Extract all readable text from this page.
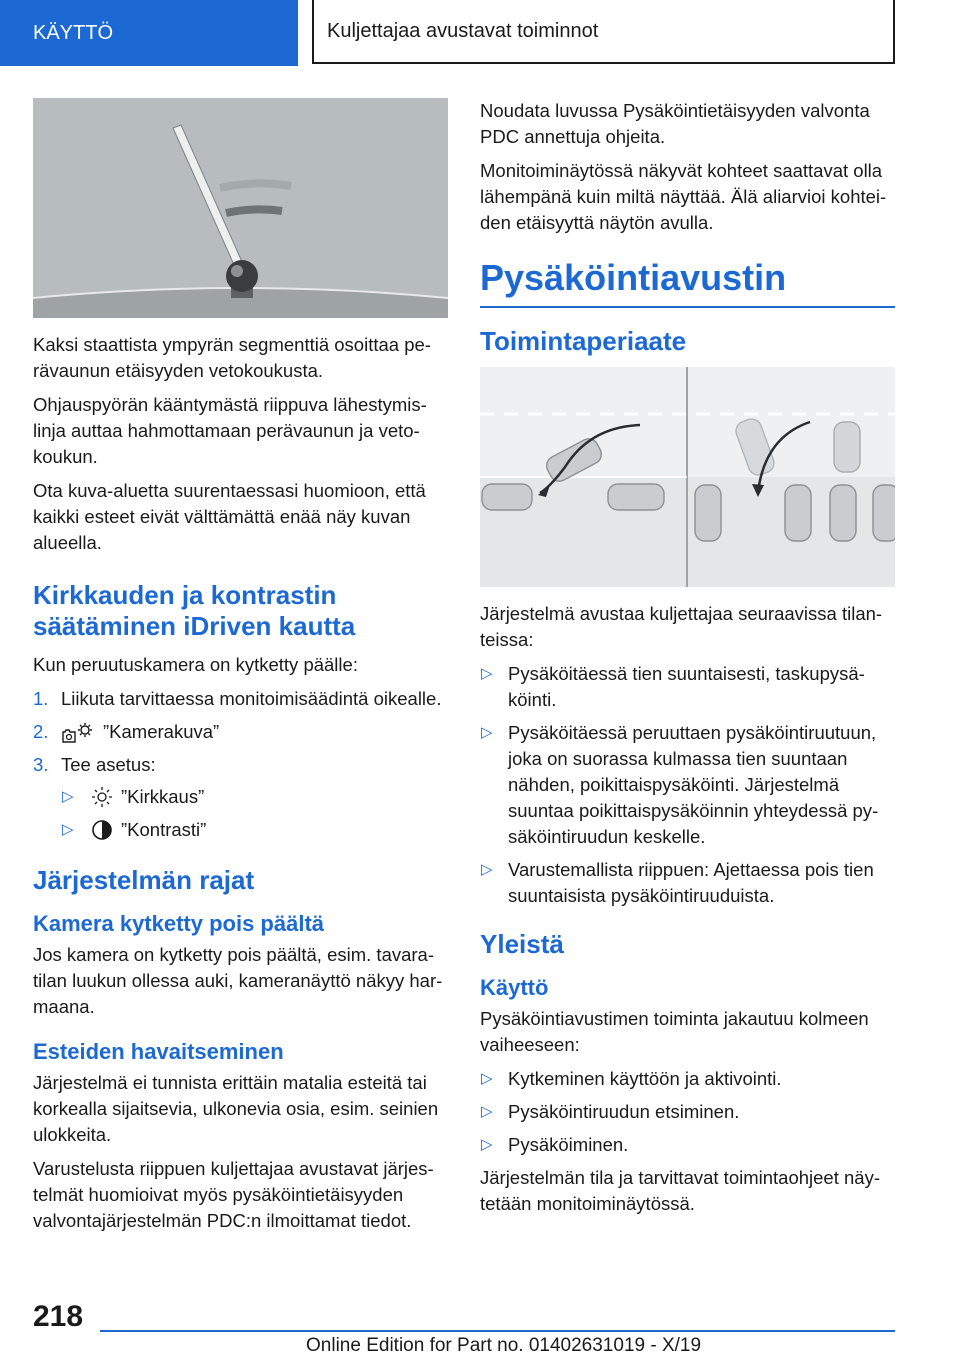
KÄYTTÖ	Kuljettajaa avustavat toiminnot

Kaksi staattista ympyrän segmenttiä osoittaa perävaunun etäisyyden vetokoukusta.

Ohjauspyörän kääntymästä riippuva lähestymislinja auttaa hahmottamaan perävaunun ja vetokoukun.

Ota kuva-aluetta suurentaessasi huomioon, että kaikki esteet eivät välttämättä enää näy kuvan alueella.

Kirkkauden ja kontrastin säätäminen iDriven kautta

Kun peruutuskamera on kytketty päälle:

1. Liikuta tarvittaessa monitoimisäädintä oikealle.
2.	”Kamerakuva”
3. Tee asetus:
▷	”Kirkkaus”
▷	”Kontrasti”
Järjestelmän rajat
Kamera kytketty pois päältä

Jos kamera on kytketty pois päältä, esim. tavaratilan luukun ollessa auki, kameranäyttö näkyy harmaana.

Esteiden havaitseminen

Järjestelmä ei tunnista erittäin matalia esteitä tai korkealla sijaitsevia, ulkonevia osia, esim. seinien ulokkeita.

Varustelusta riippuen kuljettajaa avustavat järjestelmät huomioivat myös pysäköintietäisyyden valvontajärjestelmän PDC:n ilmoittamat tiedot.

Noudata luvussa Pysäköintietäisyyden valvonta PDC annettuja ohjeita.

Monitoiminäytössä näkyvät kohteet saattavat olla lähempänä kuin miltä näyttää. Älä aliarvioi kohteiden etäisyyttä näytön avulla.

Pysäköintiavustin
Toimintaperiaate

Järjestelmä avustaa kuljettajaa seuraavissa tilanteissa:

▷ Pysäköitäessä tien suuntaisesti, taskupysäköinti.
▷ Pysäköitäessä peruuttaen pysäköintiruutuun, joka on suorassa kulmassa tien suuntaan nähden, poikittaispysäköinti. Järjestelmä suuntaa poikittaispysäköinnin yhteydessä pysäköintiruudun keskelle.
▷ Varustemallista riippuen: Ajettaessa pois tien suuntaisista pysäköintiruuduista.
Yleistä
Käyttö

Pysäköintiavustimen toiminta jakautuu kolmeen vaiheeseen:

▷ Kytkeminen käyttöön ja aktivointi.
▷ Pysäköintiruudun etsiminen.
▷ Pysäköiminen.

Järjestelmän tila ja tarvittavat toimintaohjeet näytetään monitoiminäytössä.

218
Online Edition for Part no. 01402631019 - X/19
